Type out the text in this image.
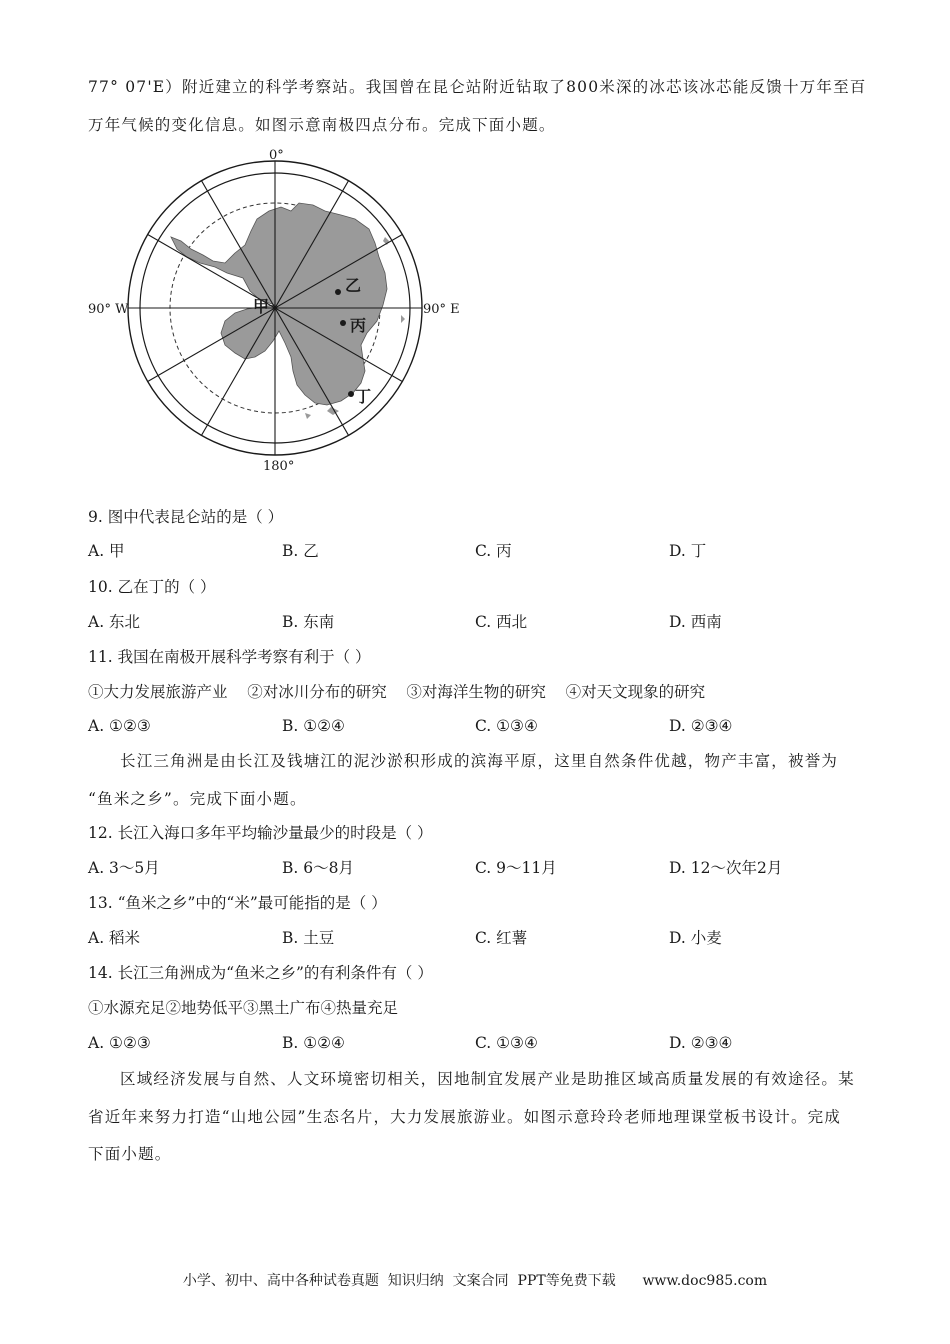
77° 07'E）附近建立的科学考察站。我国曾在昆仑站附近钻取了800米深的冰芯该冰芯能反馈十万年至百
万年气候的变化信息。如图示意南极四点分布。完成下面小题。
0°
180°
90° W	90° E
甲
乙
丙
丁
9. 图中代表昆仑站的是（ ）
A. 甲	B. 乙	C. 丙	D. 丁
10. 乙在丁的（ ）
A. 东北	B. 东南	C. 西北	D. 西南
11. 我国在南极开展科学考察有利于（ ）
①大力发展旅游产业    ②对冰川分布的研究    ③对海洋生物的研究    ④对天文现象的研究
A. ①②③	B. ①②④	C. ①③④	D. ②③④
长江三角洲是由长江及钱塘江的泥沙淤积形成的滨海平原，这里自然条件优越，物产丰富，被誉为
“鱼米之乡”。完成下面小题。
12. 长江入海口多年平均输沙量最少的时段是（ ）
A. 3～5月	B. 6～8月	C. 9～11月	D. 12～次年2月
13. “鱼米之乡”中的“米”最可能指的是（ ）
A. 稻米	B. 土豆	C. 红薯	D. 小麦
14. 长江三角洲成为“鱼米之乡”的有利条件有（ ）
①水源充足②地势低平③黑土广布④热量充足
A. ①②③	B. ①②④	C. ①③④	D. ②③④
区域经济发展与自然、人文环境密切相关，因地制宜发展产业是助推区域高质量发展的有效途径。某
省近年来努力打造“山地公园”生态名片，大力发展旅游业。如图示意玲玲老师地理课堂板书设计。完成
下面小题。
小学、初中、高中各种试卷真题  知识归纳  文案合同  PPT等免费下载      www.doc985.com
